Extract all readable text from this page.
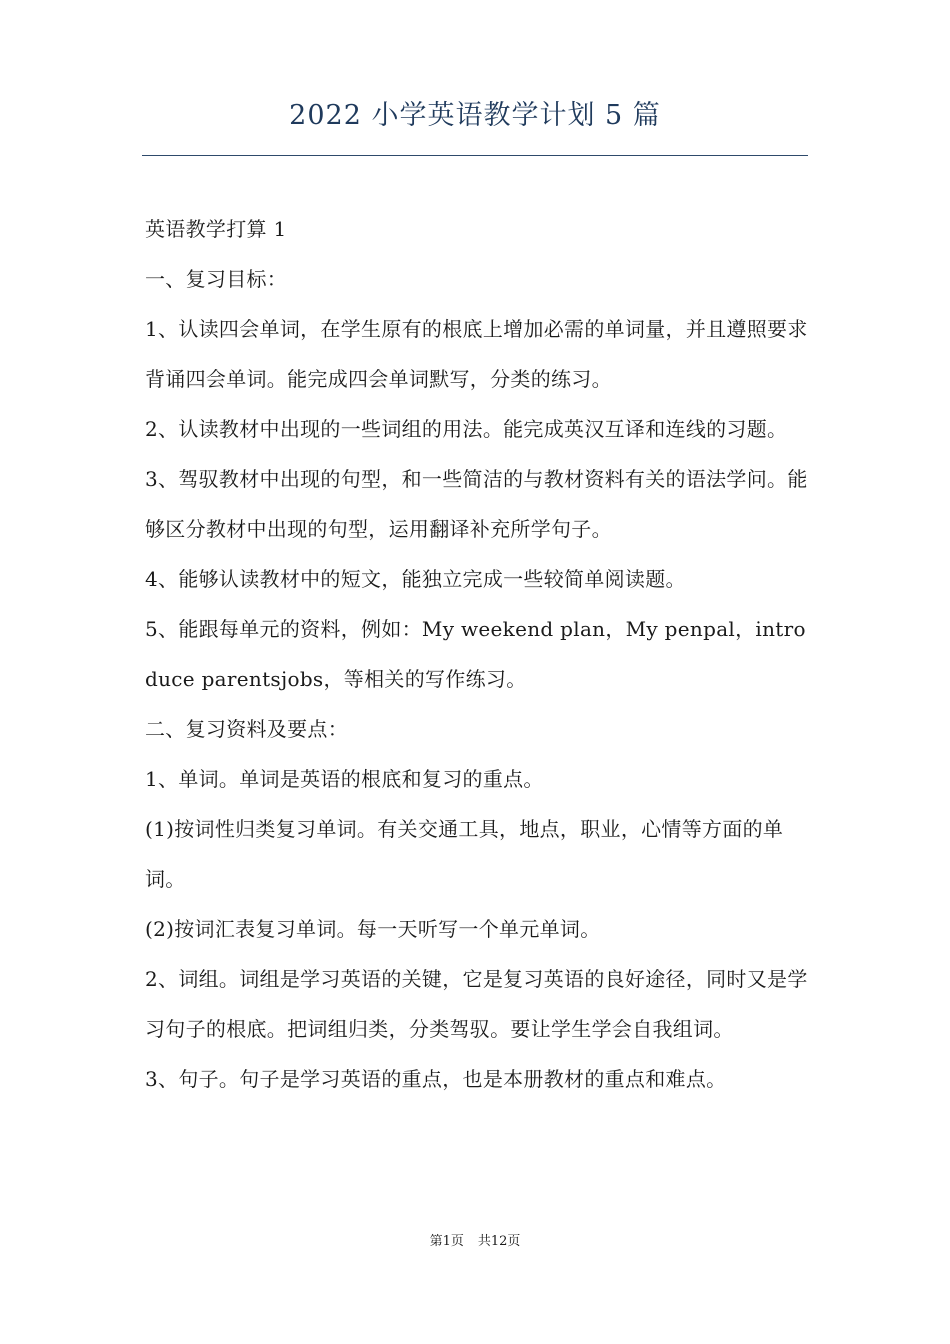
2022 小学英语教学计划 5 篇

英语教学打算 1

一、复习目标：

1、认读四会单词，在学生原有的根底上增加必需的单词量，并且遵照要求背诵四会单词。能完成四会单词默写，分类的练习。

2、认读教材中出现的一些词组的用法。能完成英汉互译和连线的习题。

3、驾驭教材中出现的句型，和一些简洁的与教材资料有关的语法学问。能够区分教材中出现的句型，运用翻译补充所学句子。

4、能够认读教材中的短文，能独立完成一些较简单阅读题。

5、能跟每单元的资料，例如：My weekend plan，My penpal，introduce parentsjobs，等相关的写作练习。

二、复习资料及要点：

1、单词。单词是英语的根底和复习的重点。

(1)按词性归类复习单词。有关交通工具，地点，职业，心情等方面的单词。

(2)按词汇表复习单词。每一天听写一个单元单词。

2、词组。词组是学习英语的关键，它是复习英语的良好途径，同时又是学习句子的根底。把词组归类，分类驾驭。要让学生学会自我组词。

3、句子。句子是学习英语的重点，也是本册教材的重点和难点。

第1页 共12页
